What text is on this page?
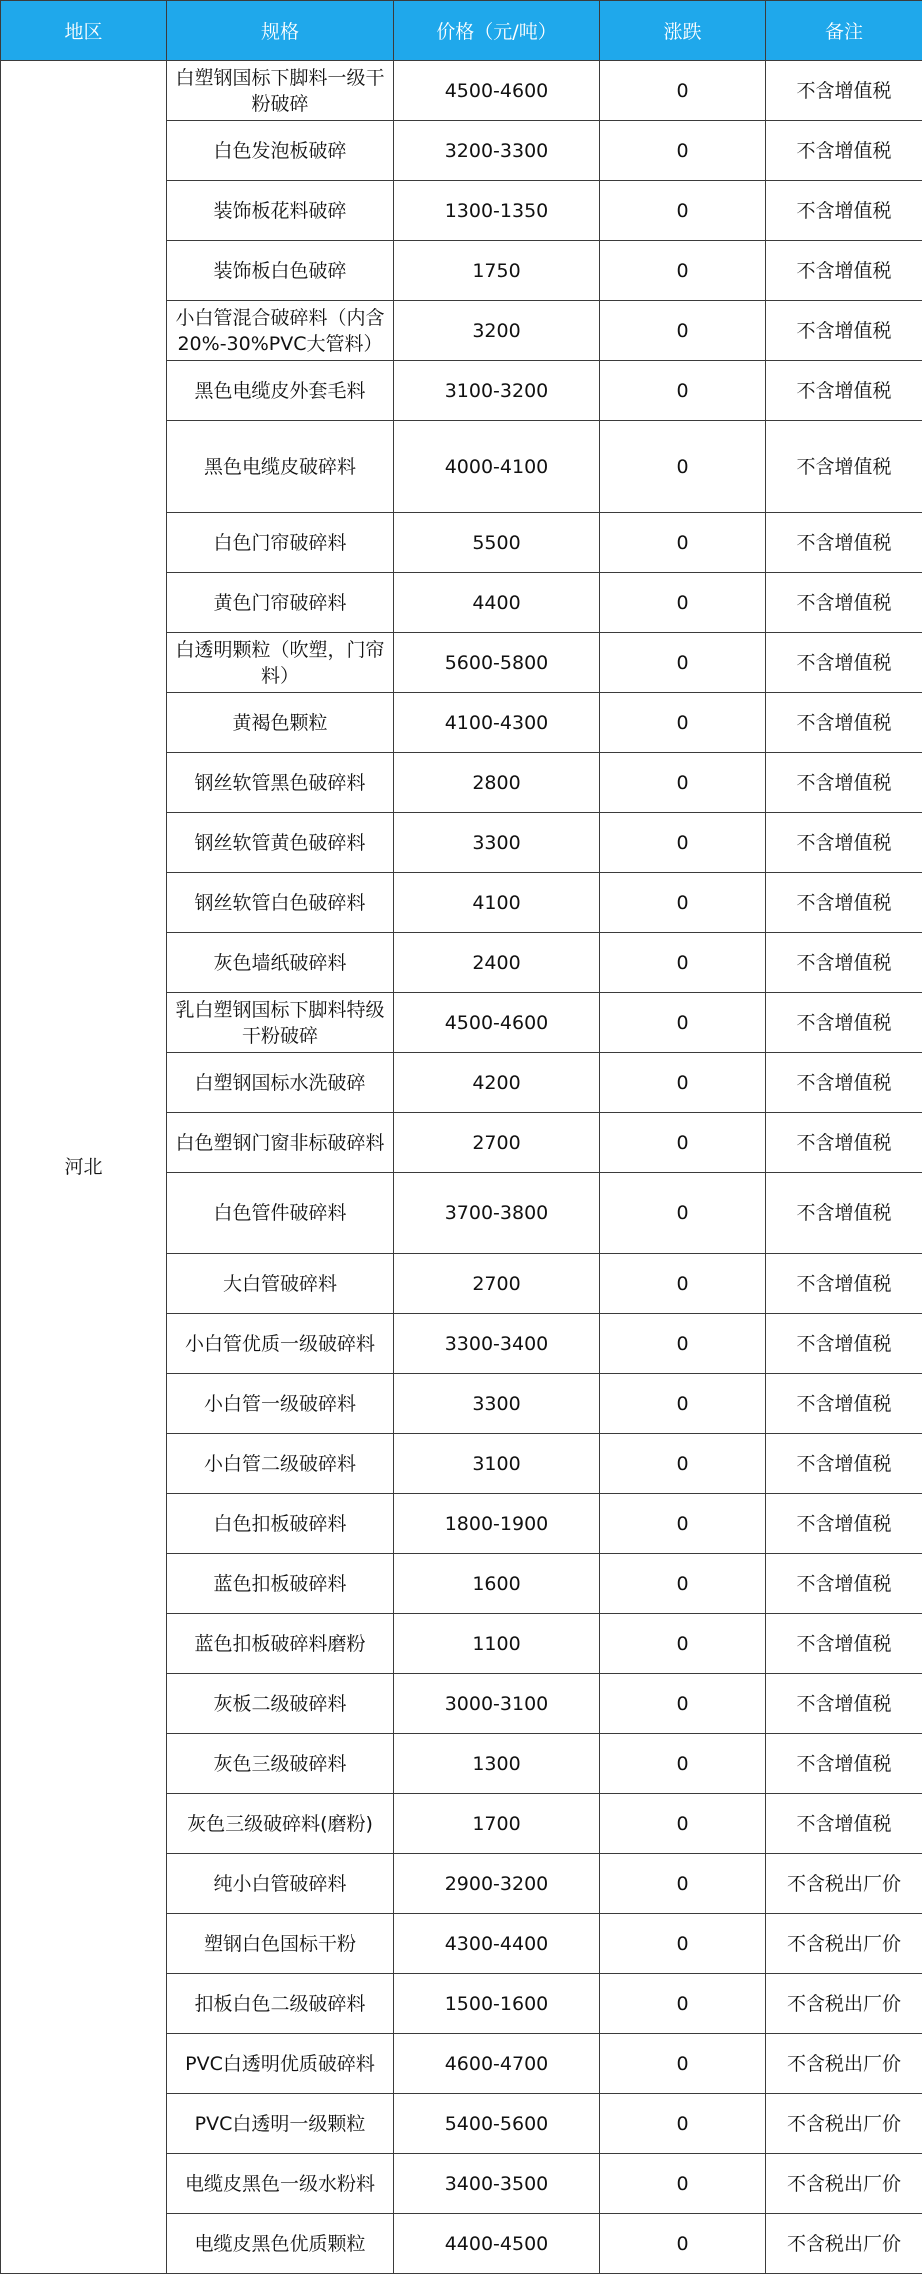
地区	规格	价格（元/吨）	涨跌	备注
河北	白塑钢国标下脚料一级干粉破碎	4500-4600	0	不含增值税

	白色发泡板破碎	3200-3300	0	不含增值税

	装饰板花料破碎	1300-1350	0	不含增值税

	装饰板白色破碎	1750	0	不含增值税

	小白管混合破碎料（内含20%-30%PVC大管料）	3200	0	不含增值税

	黑色电缆皮外套毛料	3100-3200	0	不含增值税

	黑色电缆皮破碎料	4000-4100	0	不含增值税

	白色门帘破碎料	5500	0	不含增值税

	黄色门帘破碎料	4400	0	不含增值税

	白透明颗粒（吹塑，门帘料）	5600-5800	0	不含增值税

	黄褐色颗粒	4100-4300	0	不含增值税

	钢丝软管黑色破碎料	2800	0	不含增值税

	钢丝软管黄色破碎料	3300	0	不含增值税

	钢丝软管白色破碎料	4100	0	不含增值税

	灰色墙纸破碎料	2400	0	不含增值税

	乳白塑钢国标下脚料特级干粉破碎	4500-4600	0	不含增值税

	白塑钢国标水洗破碎	4200	0	不含增值税

	白色塑钢门窗非标破碎料	2700	0	不含增值税

	白色管件破碎料	3700-3800	0	不含增值税

	大白管破碎料	2700	0	不含增值税

	小白管优质一级破碎料	3300-3400	0	不含增值税

	小白管一级破碎料	3300	0	不含增值税

	小白管二级破碎料	3100	0	不含增值税

	白色扣板破碎料	1800-1900	0	不含增值税

	蓝色扣板破碎料	1600	0	不含增值税

	蓝色扣板破碎料磨粉	1100	0	不含增值税

	灰板二级破碎料	3000-3100	0	不含增值税

	灰色三级破碎料	1300	0	不含增值税

	灰色三级破碎料(磨粉)	1700	0	不含增值税

	纯小白管破碎料	2900-3200	0	不含税出厂价

	塑钢白色国标干粉	4300-4400	0	不含税出厂价

	扣板白色二级破碎料	1500-1600	0	不含税出厂价

	PVC白透明优质破碎料	4600-4700	0	不含税出厂价

	PVC白透明一级颗粒	5400-5600	0	不含税出厂价

	电缆皮黑色一级水粉料	3400-3500	0	不含税出厂价

	电缆皮黑色优质颗粒	4400-4500	0	不含税出厂价
